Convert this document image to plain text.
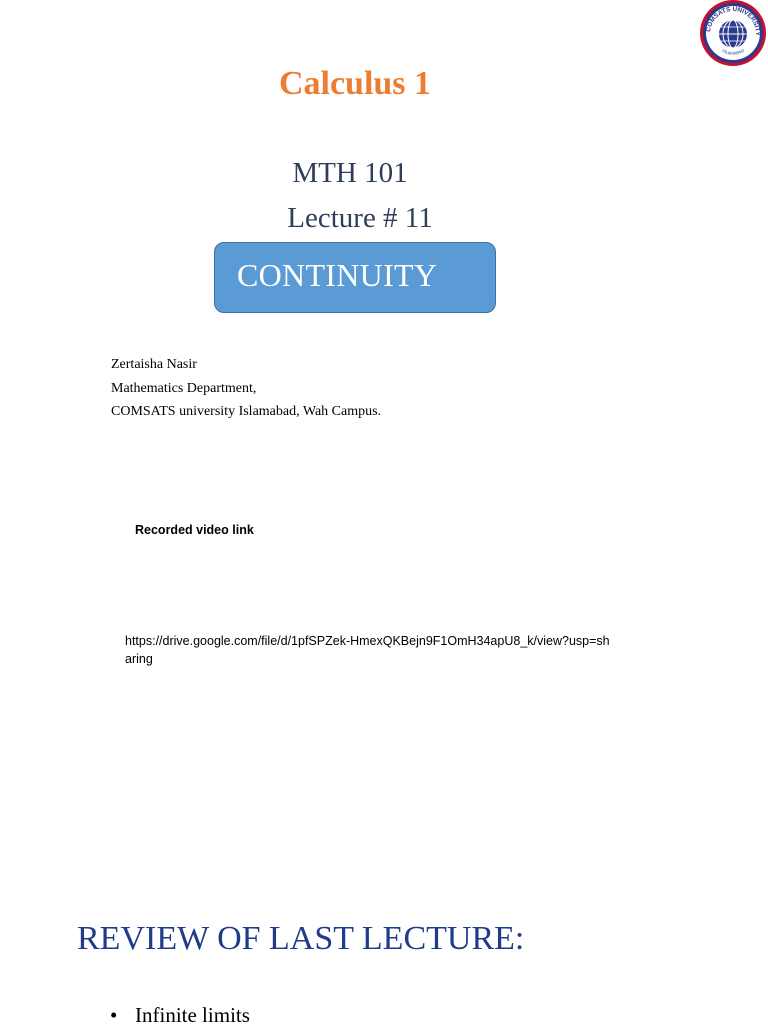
COMSATS UNIVERSITY
ISLAMABAD
Calculus 1
MTH 101
Lecture # 11
CONTINUITY
Zertaisha Nasir
Mathematics Department,
COMSATS university Islamabad, Wah Campus.
Recorded video link
https://drive.google.com/file/d/1pfSPZek-HmexQKBejn9F1OmH34apU8_k/view?usp=sharing
REVIEW OF LAST LECTURE:
• Infinite limits
